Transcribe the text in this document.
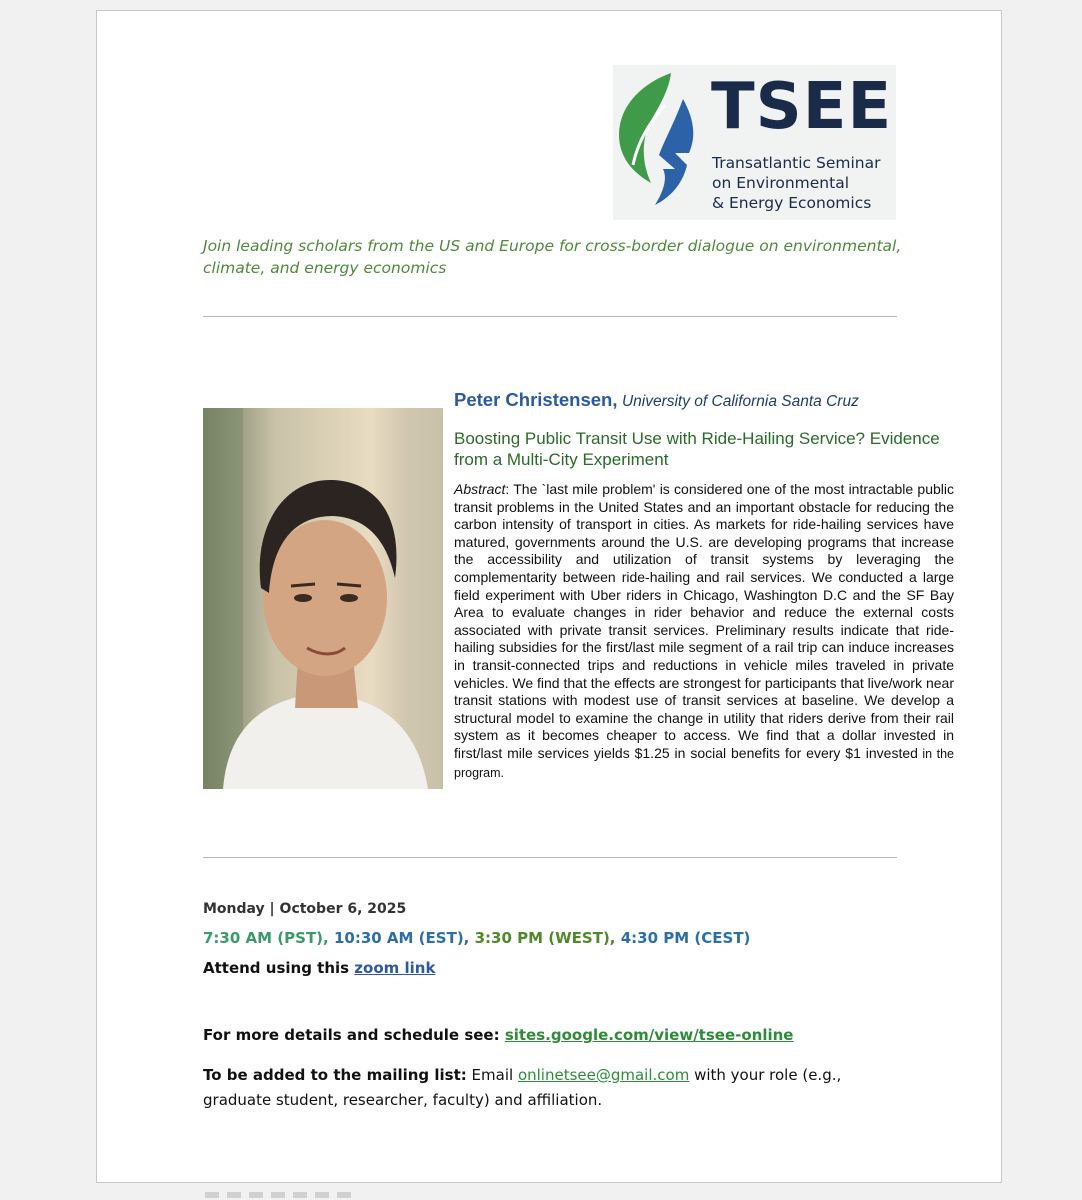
TSEE
Transatlantic Seminar
on Environmental
& Energy Economics
Join leading scholars from the US and Europe for cross-border dialogue on environmental, climate, and energy economics
Peter Christensen, University of California Santa Cruz
Boosting Public Transit Use with Ride-Hailing Service? Evidence from a Multi-City Experiment
Abstract: The `last mile problem' is considered one of the most intractable public transit problems in the United States and an important obstacle for reducing the carbon intensity of transport in cities. As markets for ride-hailing services have matured, governments around the U.S. are developing programs that increase the accessibility and utilization of transit systems by leveraging the complementarity between ride-hailing and rail services. We conducted a large field experiment with Uber riders in Chicago, Washington D.C and the SF Bay Area to evaluate changes in rider behavior and reduce the external costs associated with private transit services. Preliminary results indicate that ride-hailing subsidies for the first/last mile segment of a rail trip can induce increases in transit-connected trips and reductions in vehicle miles traveled in private vehicles. We find that the effects are strongest for participants that live/work near transit stations with modest use of transit services at baseline. We develop a structural model to examine the change in utility that riders derive from their rail system as it becomes cheaper to access. We find that a dollar invested in first/last mile services yields $1.25 in social benefits for every $1 invested in the program.
Monday | October 6, 2025
7:30 AM (PST), 10:30 AM (EST), 3:30 PM (WEST), 4:30 PM (CEST)
Attend using this zoom link
For more details and schedule see: sites.google.com/view/tsee-online
To be added to the mailing list: Email onlinetsee@gmail.com with your role (e.g., graduate student, researcher, faculty) and affiliation.
